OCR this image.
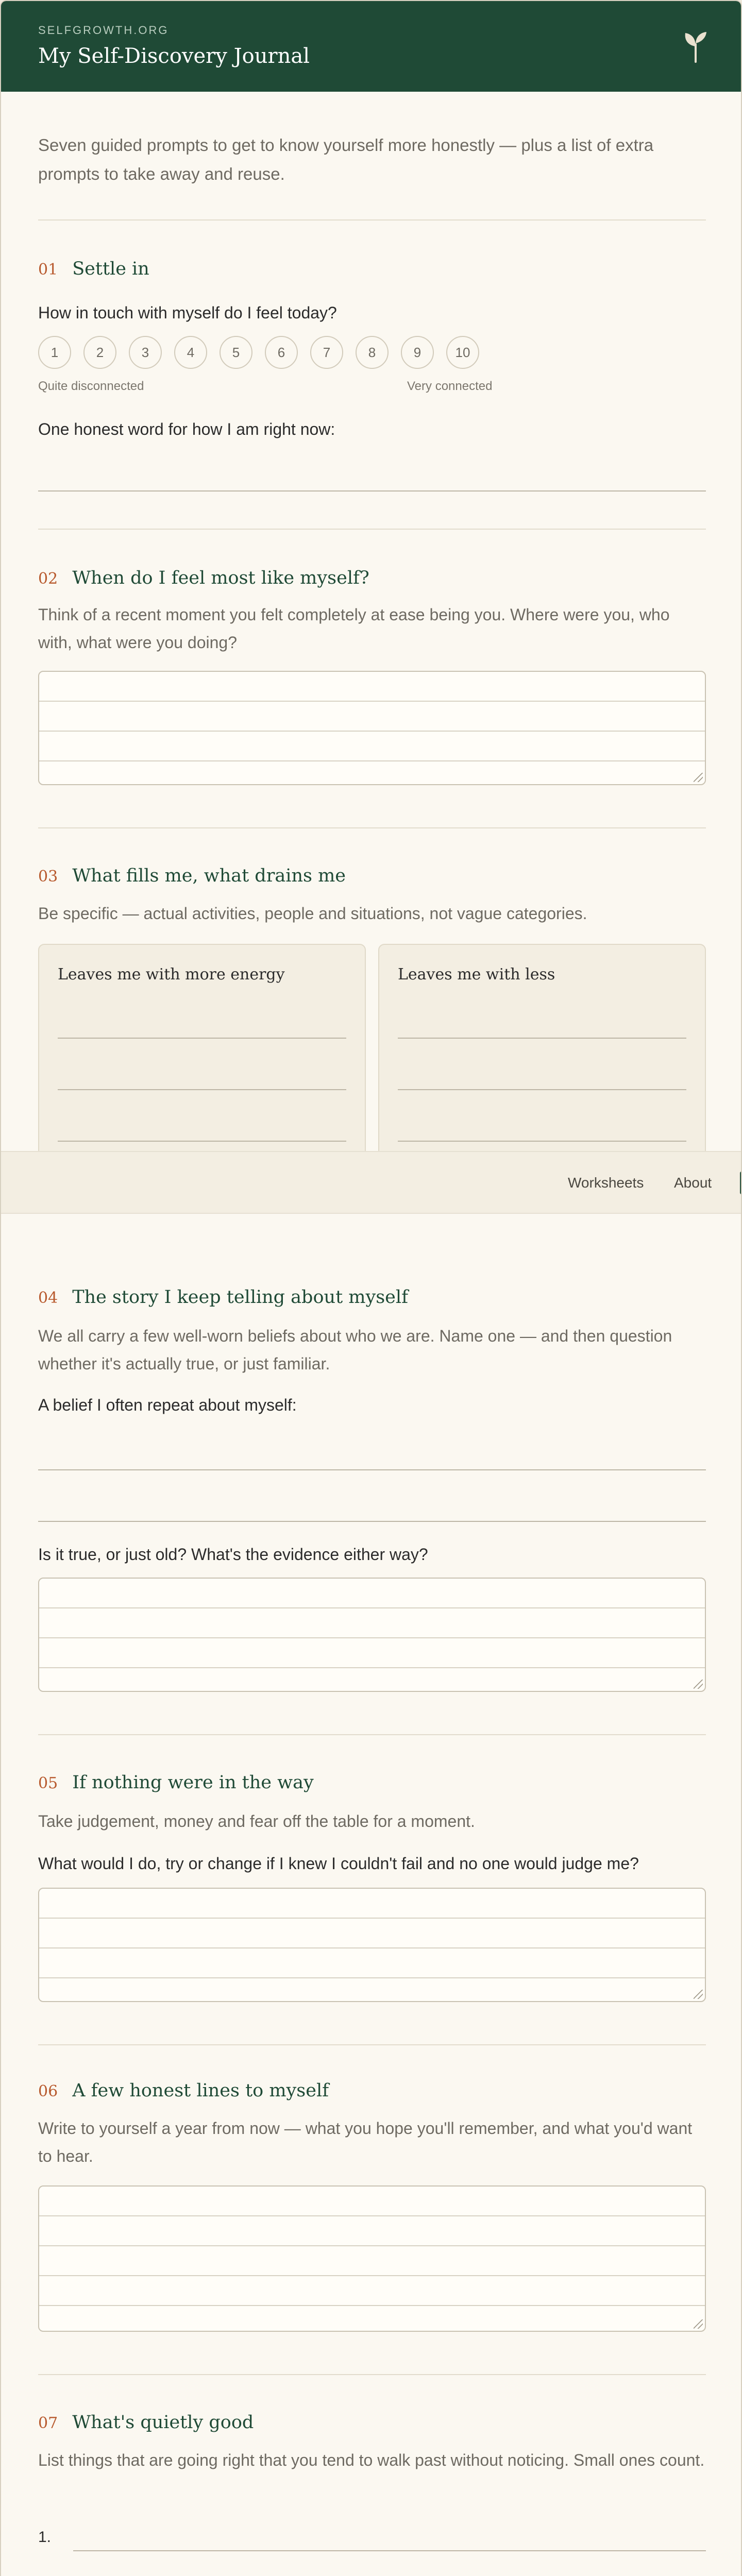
SELFGROWTH.ORG
My Self-Discovery Journal
Seven guided prompts to get to know yourself more honestly — plus a list of extra prompts to take away and reuse.
01 Settle in
How in touch with myself do I feel today?
1	2	3	4	5	6	7	8	9	10
Quite disconnected	Very connected
One honest word for how I am right now:
02 When do I feel most like myself?
Think of a recent moment you felt completely at ease being you. Where were you, who with, what were you doing?
03 What fills me, what drains me
Be specific — actual activities, people and situations, not vague categories.
Leaves me with more energy	Leaves me with less
Worksheets About
04 The story I keep telling about myself
We all carry a few well-worn beliefs about who we are. Name one — and then question whether it's actually true, or just familiar.
A belief I often repeat about myself:
Is it true, or just old? What's the evidence either way?
05 If nothing were in the way
Take judgement, money and fear off the table for a moment.
What would I do, try or change if I knew I couldn't fail and no one would judge me?
06 A few honest lines to myself
Write to yourself a year from now — what you hope you'll remember, and what you'd want to hear.
07 What's quietly good
List things that are going right that you tend to walk past without noticing. Small ones count.
1.
